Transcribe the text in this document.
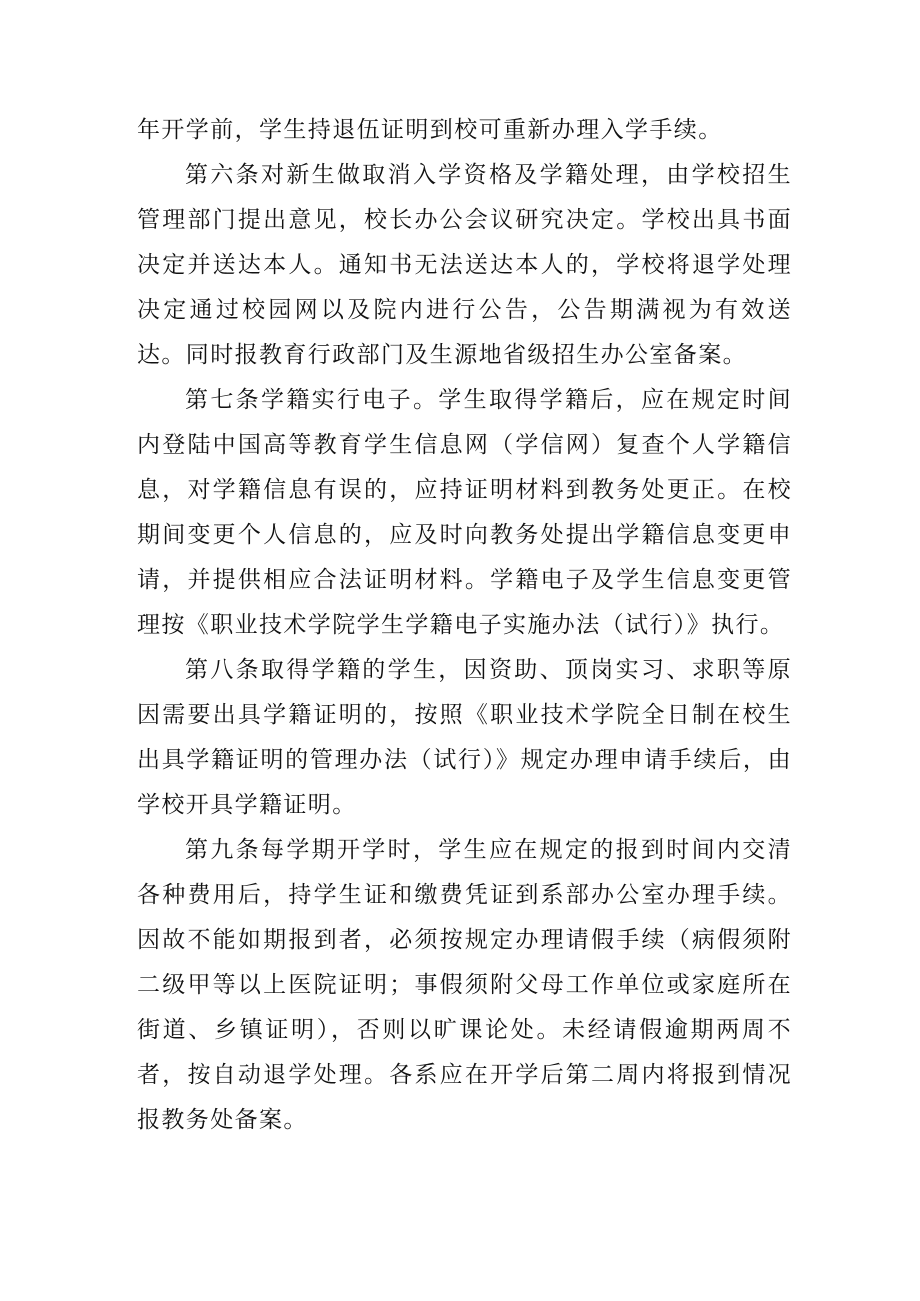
年开学前，学生持退伍证明到校可重新办理入学手续。

第六条对新生做取消入学资格及学籍处理，由学校招生管理部门提出意见，校长办公会议研究决定。学校出具书面决定并送达本人。通知书无法送达本人的，学校将退学处理决定通过校园网以及院内进行公告，公告期满视为有效送达。同时报教育行政部门及生源地省级招生办公室备案。

第七条学籍实行电子。学生取得学籍后，应在规定时间内登陆中国高等教育学生信息网（学信网）复查个人学籍信息，对学籍信息有误的，应持证明材料到教务处更正。在校期间变更个人信息的，应及时向教务处提出学籍信息变更申请，并提供相应合法证明材料。学籍电子及学生信息变更管理按《职业技术学院学生学籍电子实施办法（试行）》执行。

第八条取得学籍的学生，因资助、顶岗实习、求职等原因需要出具学籍证明的，按照《职业技术学院全日制在校生出具学籍证明的管理办法（试行）》规定办理申请手续后，由学校开具学籍证明。

第九条每学期开学时，学生应在规定的报到时间内交清各种费用后，持学生证和缴费凭证到系部办公室办理手续。因故不能如期报到者，必须按规定办理请假手续（病假须附二级甲等以上医院证明；事假须附父母工作单位或家庭所在街道、乡镇证明），否则以旷课论处。未经请假逾期两周不者，按自动退学处理。各系应在开学后第二周内将报到情况报教务处备案。
